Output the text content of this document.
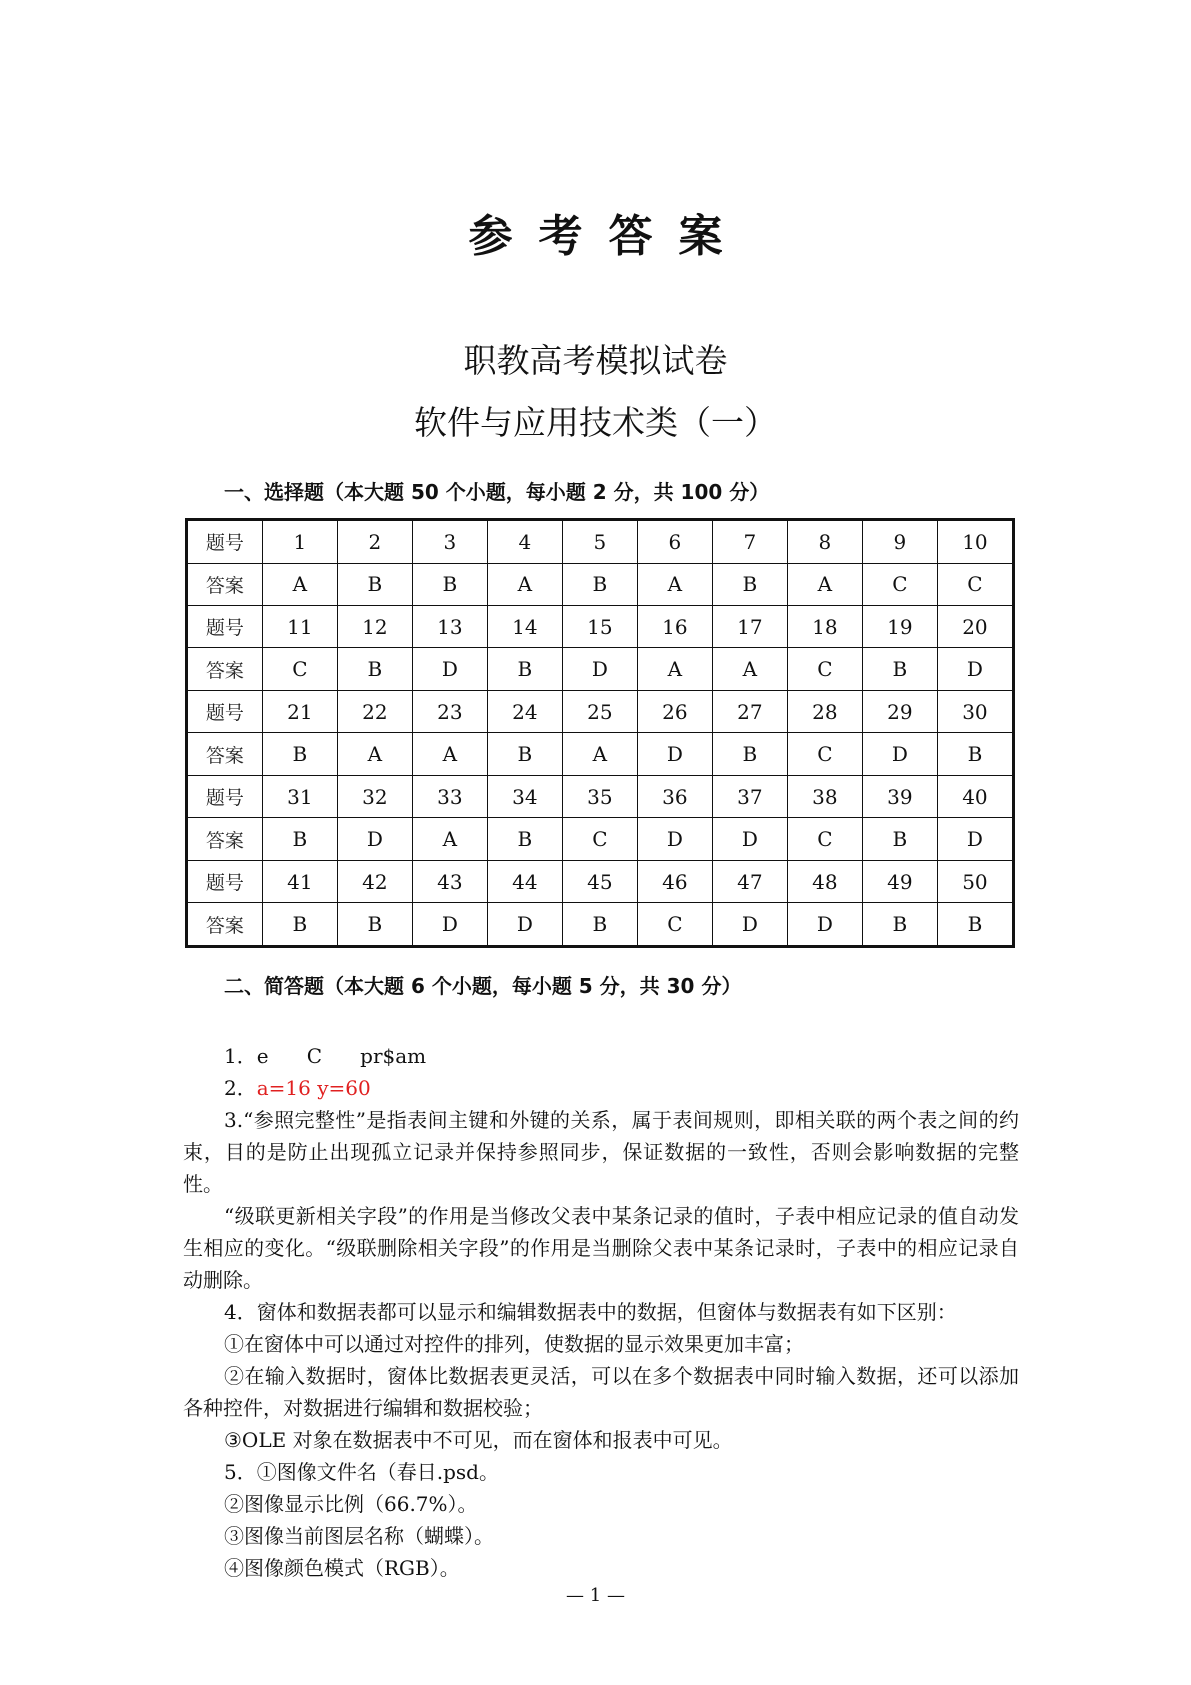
参考答案
职教高考模拟试卷
软件与应用技术类（一）
一、选择题（本大题 50 个小题，每小题 2 分，共 100 分）
题号	1	2	3	4	5	6	7	8	9	10
答案	A	B	B	A	B	A	B	A	C	C
题号	11	12	13	14	15	16	17	18	19	20
答案	C	B	D	B	D	A	A	C	B	D
题号	21	22	23	24	25	26	27	28	29	30
答案	B	A	A	B	A	D	B	C	D	B
题号	31	32	33	34	35	36	37	38	39	40
答案	B	D	A	B	C	D	D	C	B	D
题号	41	42	43	44	45	46	47	48	49	50
答案	B	B	D	D	B	C	D	D	B	B
二、简答题（本大题 6 个小题，每小题 5 分，共 30 分）
1．e      C      pr$am
2．a=16 y=60
3.“参照完整性”是指表间主键和外键的关系，属于表间规则，即相关联的两个表之间的约束，目的是防止出现孤立记录并保持参照同步，保证数据的一致性，否则会影响数据的完整性。
“级联更新相关字段”的作用是当修改父表中某条记录的值时，子表中相应记录的值自动发生相应的变化。“级联删除相关字段”的作用是当删除父表中某条记录时，子表中的相应记录自动删除。
4．窗体和数据表都可以显示和编辑数据表中的数据，但窗体与数据表有如下区别：
①在窗体中可以通过对控件的排列，使数据的显示效果更加丰富；
②在输入数据时，窗体比数据表更灵活，可以在多个数据表中同时输入数据，还可以添加各种控件，对数据进行编辑和数据校验；
③OLE 对象在数据表中不可见，而在窗体和报表中可见。
5．①图像文件名（春日.psd。
②图像显示比例（66.7%）。
③图像当前图层名称（蝴蝶）。
④图像颜色模式（RGB）。
— 1 —
